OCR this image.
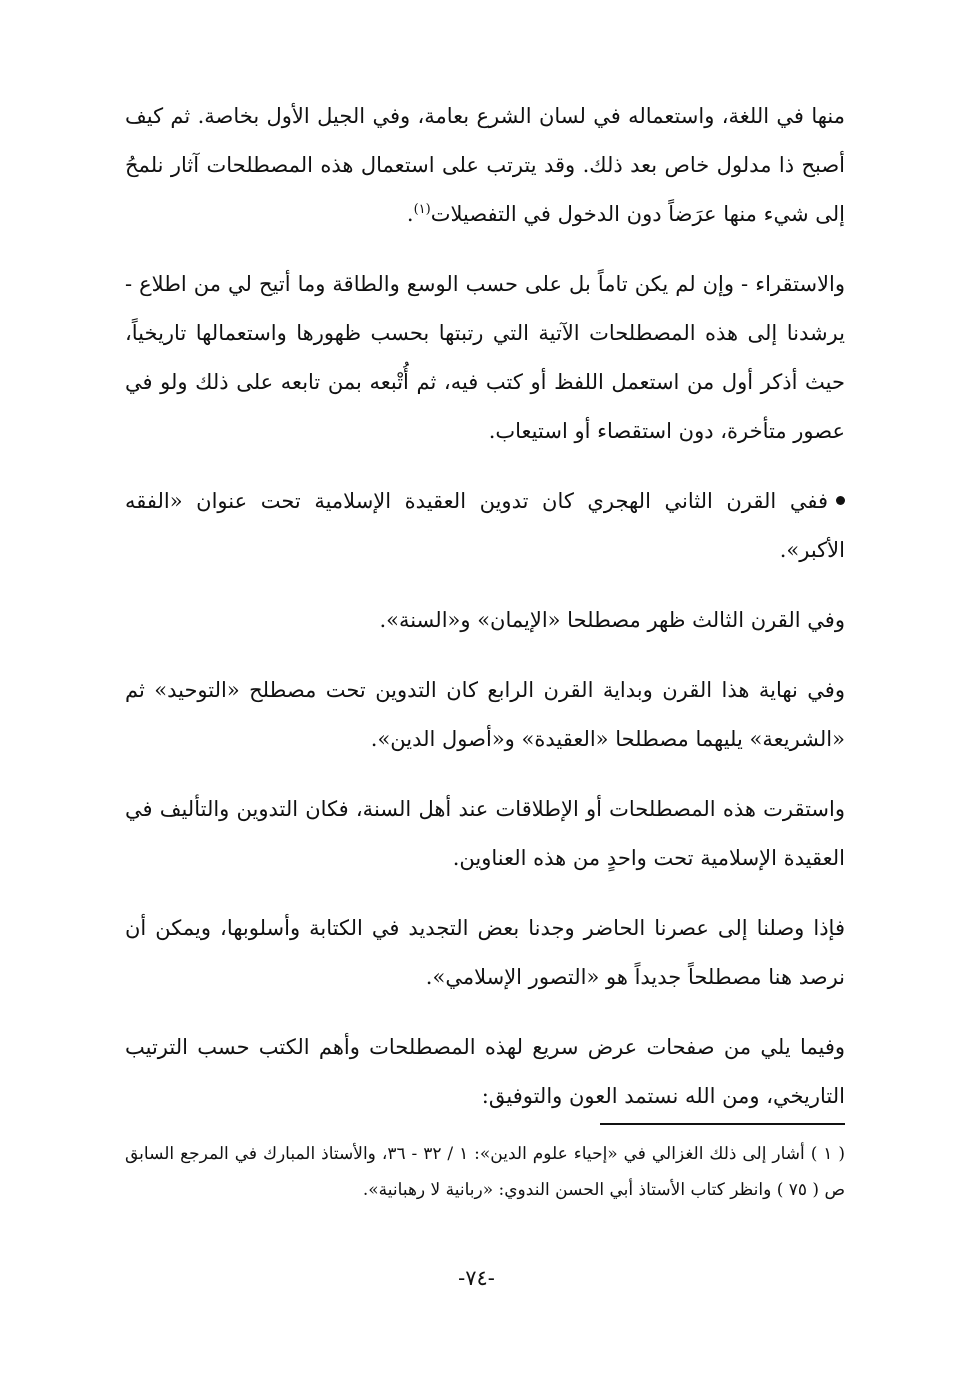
منها في اللغة، واستعماله في لسان الشرع بعامة، وفي الجيل الأول بخاصة. ثم كيف أصبح ذا مدلول خاص بعد ذلك. وقد يترتب على استعمال هذه المصطلحات آثار نلمحُ إلى شيء منها عرَضاً دون الدخول في التفصيلات$^{(١)}$.

والاستقراء - وإن لم يكن تاماً بل على حسب الوسع والطاقة وما أتيح لي من اطلاع - يرشدنا إلى هذه المصطلحات الآتية التي رتبتها بحسب ظهورها واستعمالها تاريخياً، حيث أذكر أول من استعمل اللفظ أو كتب فيه، ثم أُتْبعه بمن تابعه على ذلك ولو في عصور متأخرة، دون استقصاء أو استيعاب.

ففي القرن الثاني الهجري كان تدوين العقيدة الإسلامية تحت عنوان «الفقه الأكبر».

وفي القرن الثالث ظهر مصطلحا «الإيمان» و«السنة».

وفي نهاية هذا القرن وبداية القرن الرابع كان التدوين تحت مصطلح «التوحيد» ثم «الشريعة» يليهما مصطلحا «العقيدة» و«أصول الدين».

واستقرت هذه المصطلحات أو الإطلاقات عند أهل السنة، فكان التدوين والتأليف في العقيدة الإسلامية تحت واحدٍ من هذه العناوين.

فإذا وصلنا إلى عصرنا الحاضر وجدنا بعض التجديد في الكتابة وأسلوبها، ويمكن أن نرصد هنا مصطلحاً جديداً هو «التصور الإسلامي».

وفيما يلي من صفحات عرض سريع لهذه المصطلحات وأهم الكتب حسب الترتيب التاريخي، ومن الله نستمد العون والتوفيق:

( ١ ) أشار إلى ذلك الغزالي في «إحياء علوم الدين»: ١ / ٣٢ - ٣٦، والأستاذ المبارك في المرجع السابق ص ( ٧٥ ) وانظر كتاب الأستاذ أبي الحسن الندوي: «ربانية لا رهبانية».
-٧٤-
